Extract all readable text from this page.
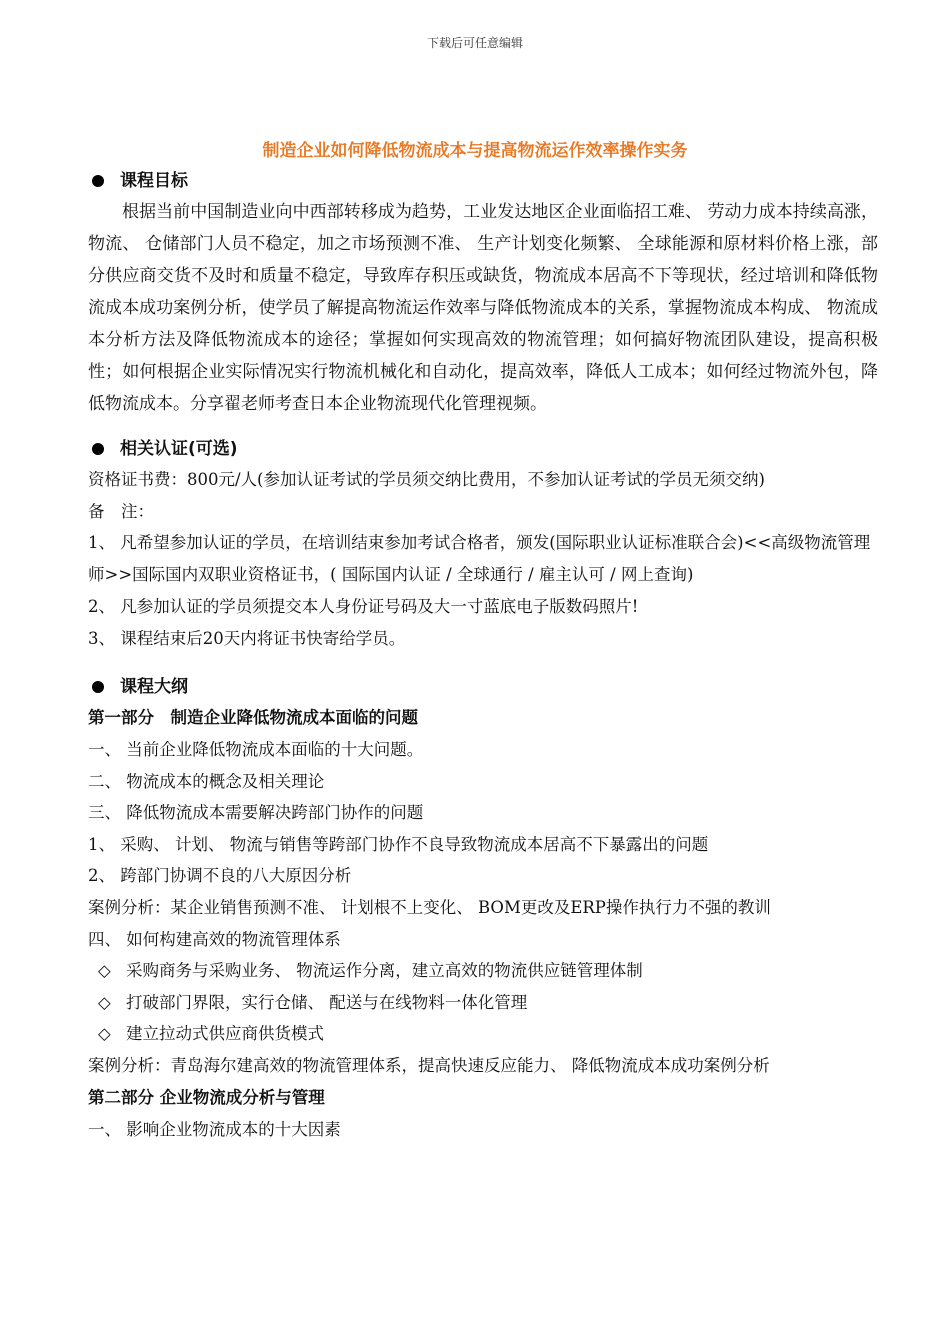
下载后可任意编辑
制造企业如何降低物流成本与提高物流运作效率操作实务
课程目标
根据当前中国制造业向中西部转移成为趋势，工业发达地区企业面临招工难、 劳动力成本持续高涨，物流、 仓储部门人员不稳定，加之市场预测不准、 生产计划变化频繁、 全球能源和原材料价格上涨，部分供应商交货不及时和质量不稳定，导致库存积压或缺货，物流成本居高不下等现状，经过培训和降低物流成本成功案例分析，使学员了解提高物流运作效率与降低物流成本的关系，掌握物流成本构成、 物流成本分析方法及降低物流成本的途径；掌握如何实现高效的物流管理；如何搞好物流团队建设，提高积极性；如何根据企业实际情况实行物流机械化和自动化，提高效率，降低人工成本；如何经过物流外包，降低物流成本。分享翟老师考查日本企业物流现代化管理视频。
相关认证(可选)
资格证书费：800元/人(参加认证考试的学员须交纳比费用，不参加认证考试的学员无须交纳)
备　注：
1、 凡希望参加认证的学员，在培训结束参加考试合格者，颁发(国际职业认证标准联合会)<<高级物流管理师>>国际国内双职业资格证书，( 国际国内认证 / 全球通行 / 雇主认可 / 网上查询)
2、 凡参加认证的学员须提交本人身份证号码及大一寸蓝底电子版数码照片!
3、 课程结束后20天内将证书快寄给学员。
课程大纲
第一部分　制造企业降低物流成本面临的问题
一、 当前企业降低物流成本面临的十大问题。
二、 物流成本的概念及相关理论
三、 降低物流成本需要解决跨部门协作的问题
1、 采购、 计划、 物流与销售等跨部门协作不良导致物流成本居高不下暴露出的问题
2、 跨部门协调不良的八大原因分析
案例分析：某企业销售预测不准、 计划根不上变化、 BOM更改及ERP操作执行力不强的教训
四、 如何构建高效的物流管理体系
◇ 采购商务与采购业务、 物流运作分离，建立高效的物流供应链管理体制
◇ 打破部门界限，实行仓储、 配送与在线物料一体化管理
◇ 建立拉动式供应商供货模式
案例分析：青岛海尔建高效的物流管理体系，提高快速反应能力、 降低物流成本成功案例分析
第二部分 企业物流成分析与管理
一、 影响企业物流成本的十大因素
